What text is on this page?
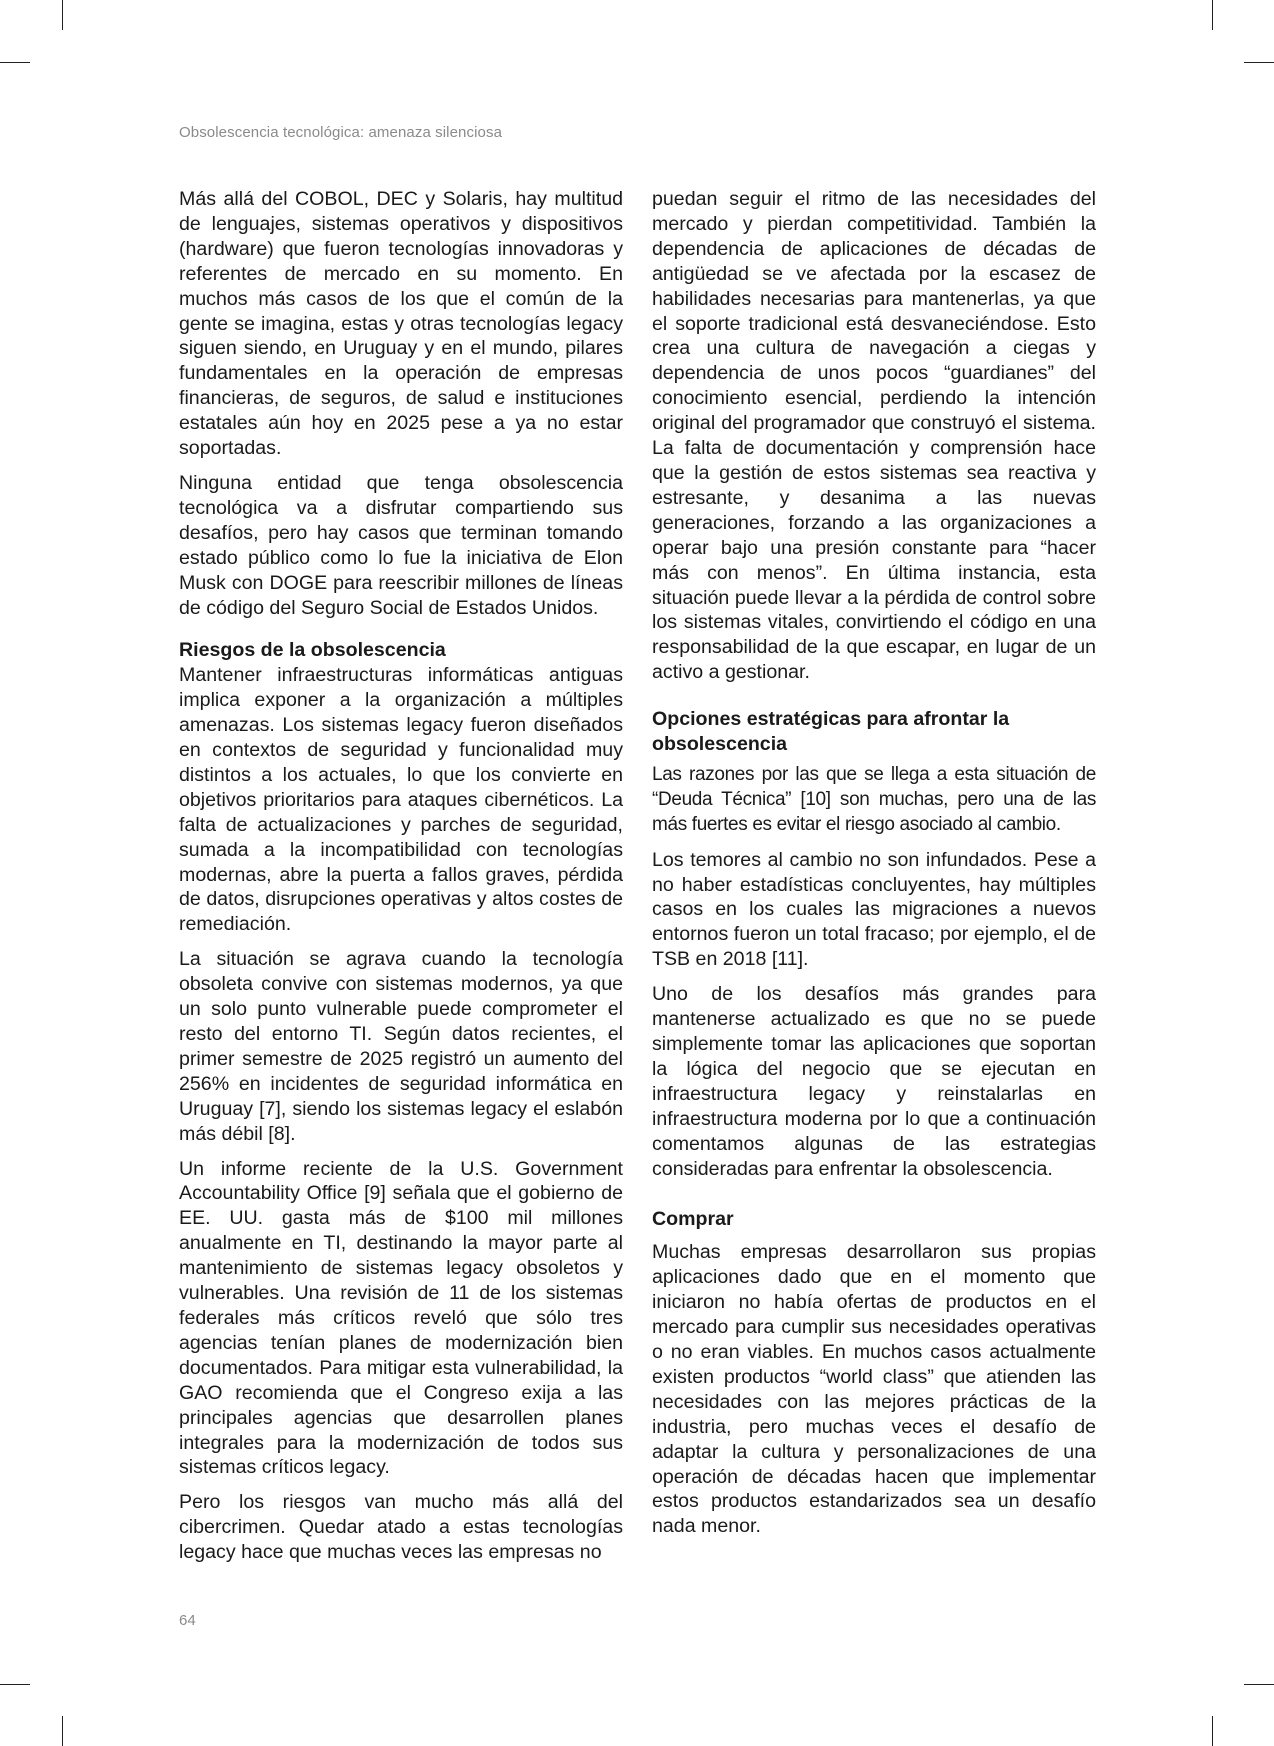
Obsolescencia tecnológica: amenaza silenciosa

Más allá del COBOL, DEC y Solaris, hay multitud de lenguajes, sistemas operativos y dispositivos (hardware) que fueron tecnologías innovadoras y referentes de mercado en su momento. En muchos más casos de los que el común de la gente se imagina, estas y otras tecnologías legacy siguen siendo, en Uruguay y en el mundo, pilares fundamentales en la operación de empresas financieras, de seguros, de salud e instituciones estatales aún hoy en 2025 pese a ya no estar soportadas.

Ninguna entidad que tenga obsolescencia tecnológica va a disfrutar compartiendo sus desafíos, pero hay casos que terminan tomando estado público como lo fue la iniciativa de Elon Musk con DOGE para reescribir millones de líneas de código del Seguro Social de Estados Unidos.

Riesgos de la obsolescencia

Mantener infraestructuras informáticas antiguas implica exponer a la organización a múltiples amenazas. Los sistemas legacy fueron diseñados en contextos de seguridad y funcionalidad muy distintos a los actuales, lo que los convierte en objetivos prioritarios para ataques cibernéticos. La falta de actualizaciones y parches de seguridad, sumada a la incompatibilidad con tecnologías modernas, abre la puerta a fallos graves, pérdida de datos, disrupciones operativas y altos costes de remediación.

La situación se agrava cuando la tecnología obsoleta convive con sistemas modernos, ya que un solo punto vulnerable puede comprometer el resto del entorno TI. Según datos recientes, el primer semestre de 2025 registró un aumento del 256% en incidentes de seguridad informática en Uruguay [7], siendo los sistemas legacy el eslabón más débil [8].

Un informe reciente de la U.S. Government Accountability Office [9] señala que el gobierno de EE. UU. gasta más de $100 mil millones anualmente en TI, destinando la mayor parte al mantenimiento de sistemas legacy obsoletos y vulnerables. Una revisión de 11 de los sistemas federales más críticos reveló que sólo tres agencias tenían planes de modernización bien documentados. Para mitigar esta vulnerabilidad, la GAO recomienda que el Congreso exija a las principales agencias que desarrollen planes integrales para la modernización de todos sus sistemas críticos legacy.

Pero los riesgos van mucho más allá del cibercrimen. Quedar atado a estas tecnologías legacy hace que muchas veces las empresas no

puedan seguir el ritmo de las necesidades del mercado y pierdan competitividad. También la dependencia de aplicaciones de décadas de antigüedad se ve afectada por la escasez de habilidades necesarias para mantenerlas, ya que el soporte tradicional está desvaneciéndose. Esto crea una cultura de navegación a ciegas y dependencia de unos pocos “guardianes” del conocimiento esencial, perdiendo la intención original del programador que construyó el sistema. La falta de documentación y comprensión hace que la gestión de estos sistemas sea reactiva y estresante, y desanima a las nuevas generaciones, forzando a las organizaciones a operar bajo una presión constante para “hacer más con menos”. En última instancia, esta situación puede llevar a la pérdida de control sobre los sistemas vitales, convirtiendo el código en una responsabilidad de la que escapar, en lugar de un activo a gestionar.

Opciones estratégicas para afrontar la obsolescencia

Las razones por las que se llega a esta situación de “Deuda Técnica” [10] son muchas, pero una de las más fuertes es evitar el riesgo asociado al cambio.

Los temores al cambio no son infundados. Pese a no haber estadísticas concluyentes, hay múltiples casos en los cuales las migraciones a nuevos entornos fueron un total fracaso; por ejemplo, el de TSB en 2018 [11].

Uno de los desafíos más grandes para mantenerse actualizado es que no se puede simplemente tomar las aplicaciones que soportan la lógica del negocio que se ejecutan en infraestructura legacy y reinstalarlas en infraestructura moderna por lo que a continuación comentamos algunas de las estrategias consideradas para enfrentar la obsolescencia.

Comprar

Muchas empresas desarrollaron sus propias aplicaciones dado que en el momento que iniciaron no había ofertas de productos en el mercado para cumplir sus necesidades operativas o no eran viables. En muchos casos actualmente existen productos “world class” que atienden las necesidades con las mejores prácticas de la industria, pero muchas veces el desafío de adaptar la cultura y personalizaciones de una operación de décadas hacen que implementar estos productos estandarizados sea un desafío nada menor.

64
